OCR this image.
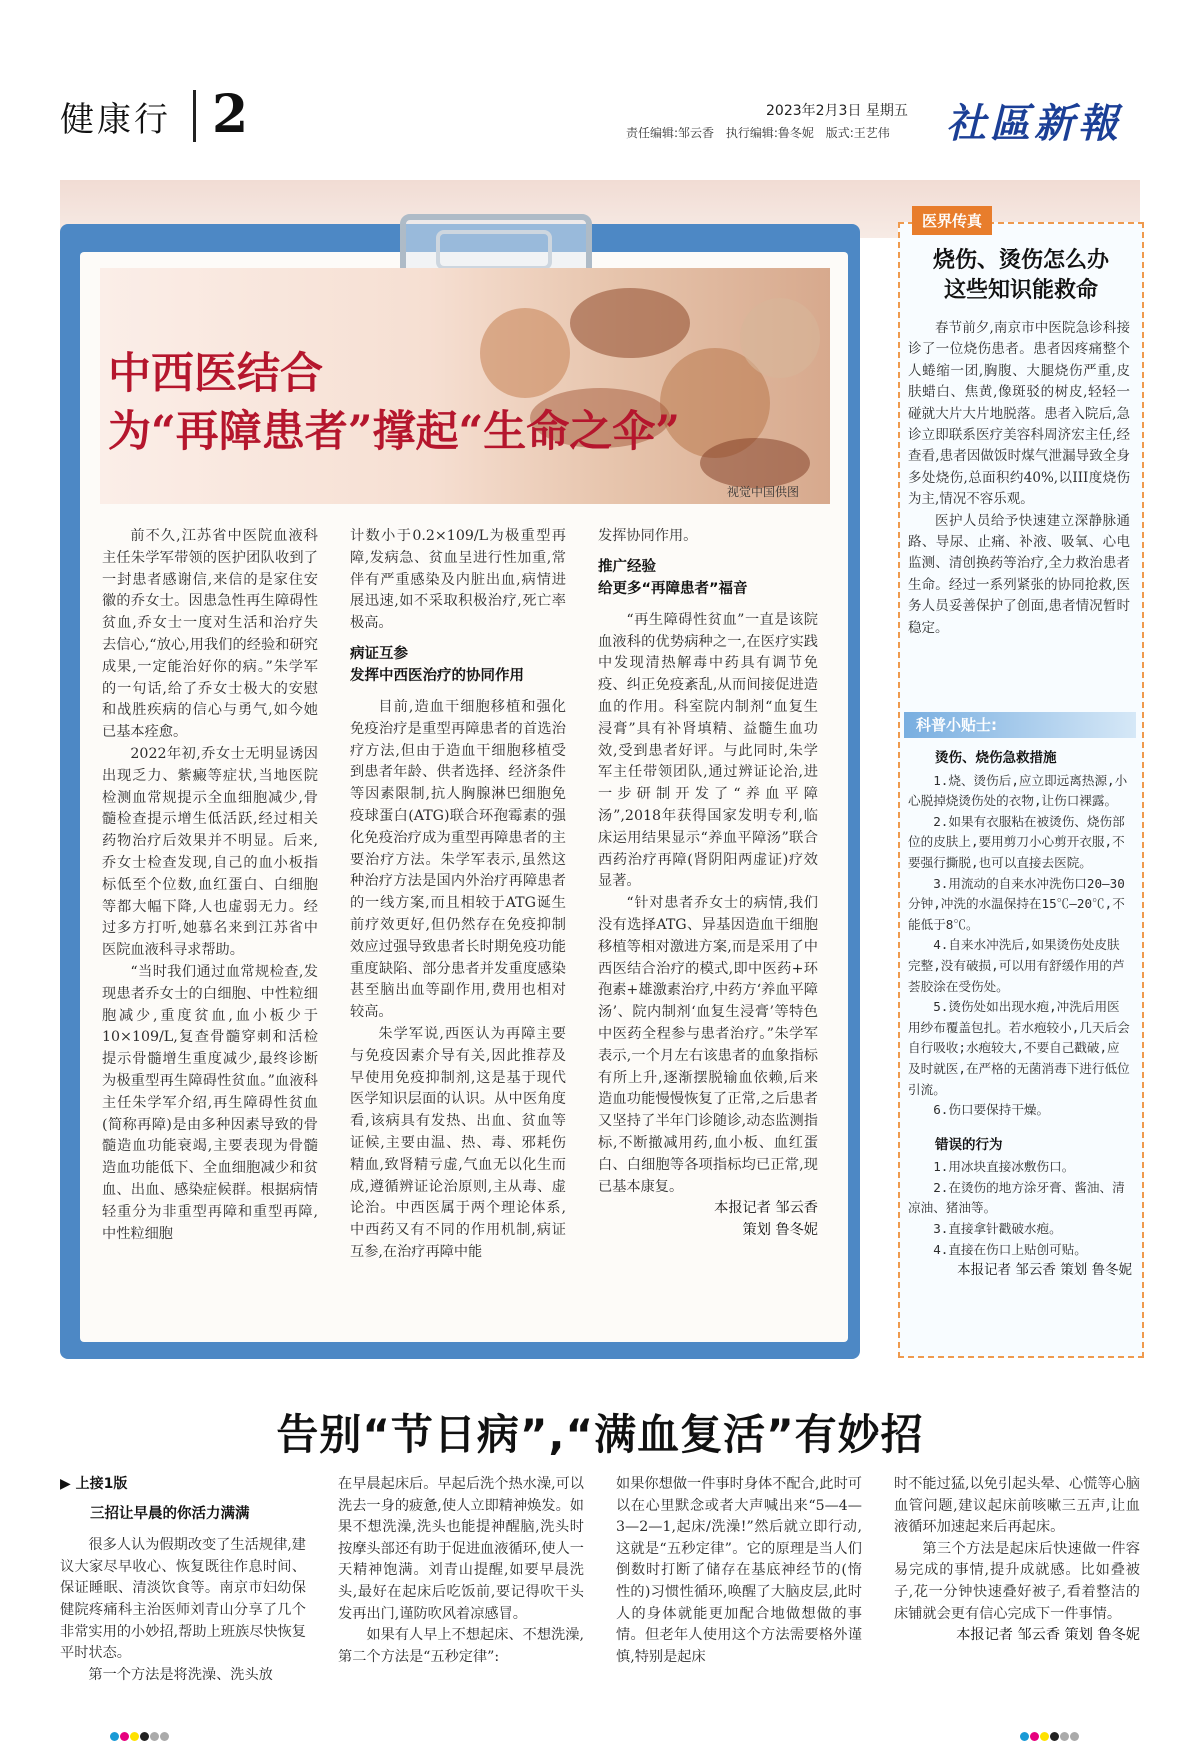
健康行 2	2023年2月3日 星期五
责任编辑:邹云香 执行编辑:鲁冬妮 版式:王艺伟 社區新報
中西医结合
为“再障患者”撑起“生命之伞”
视觉中国供图

前不久,江苏省中医院血液科主任朱学军带领的医护团队收到了一封患者感谢信,来信的是家住安徽的乔女士。因患急性再生障碍性贫血,乔女士一度对生活和治疗失去信心,“放心,用我们的经验和研究成果,一定能治好你的病。”朱学军的一句话,给了乔女士极大的安慰和战胜疾病的信心与勇气,如今她已基本痊愈。

2022年初,乔女士无明显诱因出现乏力、紫癜等症状,当地医院检测血常规提示全血细胞减少,骨髓检查提示增生低活跃,经过相关药物治疗后效果并不明显。后来,乔女士检查发现,自己的血小板指标低至个位数,血红蛋白、白细胞等都大幅下降,人也虚弱无力。经过多方打听,她慕名来到江苏省中医院血液科寻求帮助。

“当时我们通过血常规检查,发现患者乔女士的白细胞、中性粒细胞减少,重度贫血,血小板少于10×109/L,复查骨髓穿刺和活检提示骨髓增生重度减少,最终诊断为极重型再生障碍性贫血。”血液科主任朱学军介绍,再生障碍性贫血(简称再障)是由多种因素导致的骨髓造血功能衰竭,主要表现为骨髓造血功能低下、全血细胞减少和贫血、出血、感染症候群。根据病情轻重分为非重型再障和重型再障,中性粒细胞

计数小于0.2×109/L为极重型再障,发病急、贫血呈进行性加重,常伴有严重感染及内脏出血,病情进展迅速,如不采取积极治疗,死亡率极高。

病证互参
发挥中西医治疗的协同作用

目前,造血干细胞移植和强化免疫治疗是重型再障患者的首选治疗方法,但由于造血干细胞移植受到患者年龄、供者选择、经济条件等因素限制,抗人胸腺淋巴细胞免疫球蛋白(ATG)联合环孢霉素的强化免疫治疗成为重型再障患者的主要治疗方法。朱学军表示,虽然这种治疗方法是国内外治疗再障患者的一线方案,而且相较于ATG诞生前疗效更好,但仍然存在免疫抑制效应过强导致患者长时期免疫功能重度缺陷、部分患者并发重度感染甚至脑出血等副作用,费用也相对较高。

朱学军说,西医认为再障主要与免疫因素介导有关,因此推荐及早使用免疫抑制剂,这是基于现代医学知识层面的认识。从中医角度看,该病具有发热、出血、贫血等证候,主要由温、热、毒、邪耗伤精血,致肾精亏虚,气血无以化生而成,遵循辨证论治原则,主从毒、虚论治。中西医属于两个理论体系,中西药又有不同的作用机制,病证互参,在治疗再障中能

发挥协同作用。

推广经验
给更多“再障患者”福音

“再生障碍性贫血”一直是该院血液科的优势病种之一,在医疗实践中发现清热解毒中药具有调节免疫、纠正免疫紊乱,从而间接促进造血的作用。科室院内制剂“血复生浸膏”具有补肾填精、益髓生血功效,受到患者好评。与此同时,朱学军主任带领团队,通过辨证论治,进一步研制开发了“养血平障汤”,2018年获得国家发明专利,临床运用结果显示“养血平障汤”联合西药治疗再障(肾阴阳两虚证)疗效显著。

“针对患者乔女士的病情,我们没有选择ATG、异基因造血干细胞移植等相对激进方案,而是采用了中西医结合治疗的模式,即中医药+环孢素+雄激素治疗,中药方‘养血平障汤’、院内制剂‘血复生浸膏’等特色中医药全程参与患者治疗。”朱学军表示,一个月左右该患者的血象指标有所上升,逐渐摆脱输血依赖,后来造血功能慢慢恢复了正常,之后患者又坚持了半年门诊随诊,动态监测指标,不断撤减用药,血小板、血红蛋白、白细胞等各项指标均已正常,现已基本康复。

本报记者 邹云香

策划 鲁冬妮

医界传真
烧伤、烫伤怎么办
这些知识能救命

春节前夕,南京市中医院急诊科接诊了一位烧伤患者。患者因疼痛整个人蜷缩一团,胸腹、大腿烧伤严重,皮肤蜡白、焦黄,像斑驳的树皮,轻轻一碰就大片大片地脱落。患者入院后,急诊立即联系医疗美容科周济宏主任,经查看,患者因做饭时煤气泄漏导致全身多处烧伤,总面积约40%,以III度烧伤为主,情况不容乐观。

医护人员给予快速建立深静脉通路、导尿、止痛、补液、吸氧、心电监测、清创换药等治疗,全力救治患者生命。经过一系列紧张的协同抢救,医务人员妥善保护了创面,患者情况暂时稳定。

科普小贴士:
烫伤、烧伤急救措施

1.烧、烫伤后,应立即远离热源,小心脱掉烧烫伤处的衣物,让伤口裸露。

2.如果有衣服粘在被烫伤、烧伤部位的皮肤上,要用剪刀小心剪开衣服,不要强行撕脱,也可以直接去医院。

3.用流动的自来水冲洗伤口20—30分钟,冲洗的水温保持在15℃—20℃,不能低于8℃。

4.自来水冲洗后,如果烫伤处皮肤完整,没有破损,可以用有舒缓作用的芦荟胶涂在受伤处。

5.烫伤处如出现水疱,冲洗后用医用纱布覆盖包扎。若水疱较小,几天后会自行吸收;水疱较大,不要自己戳破,应及时就医,在严格的无菌消毒下进行低位引流。

6.伤口要保持干燥。

错误的行为

1.用冰块直接冰敷伤口。

2.在烫伤的地方涂牙膏、酱油、清凉油、猪油等。

3.直接拿针戳破水疱。

4.直接在伤口上贴创可贴。

本报记者 邹云香 策划 鲁冬妮
告别“节日病”,“满血复活”有妙招

▶ 上接1版

三招让早晨的你活力满满

很多人认为假期改变了生活规律,建议大家尽早收心、恢复既往作息时间、保证睡眠、清淡饮食等。南京市妇幼保健院疼痛科主治医师刘青山分享了几个非常实用的小妙招,帮助上班族尽快恢复平时状态。

第一个方法是将洗澡、洗头放

在早晨起床后。早起后洗个热水澡,可以洗去一身的疲惫,使人立即精神焕发。如果不想洗澡,洗头也能提神醒脑,洗头时按摩头部还有助于促进血液循环,使人一天精神饱满。刘青山提醒,如要早晨洗头,最好在起床后吃饭前,要记得吹干头发再出门,谨防吹风着凉感冒。

如果有人早上不想起床、不想洗澡,第二个方法是“五秒定律”:

如果你想做一件事时身体不配合,此时可以在心里默念或者大声喊出来“5—4—3—2—1,起床/洗澡!”然后就立即行动,这就是“五秒定律”。它的原理是当人们倒数时打断了储存在基底神经节的(惰性的)习惯性循环,唤醒了大脑皮层,此时人的身体就能更加配合地做想做的事情。但老年人使用这个方法需要格外谨慎,特别是起床

时不能过猛,以免引起头晕、心慌等心脑血管问题,建议起床前咳嗽三五声,让血液循环加速起来后再起床。

第三个方法是起床后快速做一件容易完成的事情,提升成就感。比如叠被子,花一分钟快速叠好被子,看着整洁的床铺就会更有信心完成下一件事情。

本报记者 邹云香 策划 鲁冬妮
